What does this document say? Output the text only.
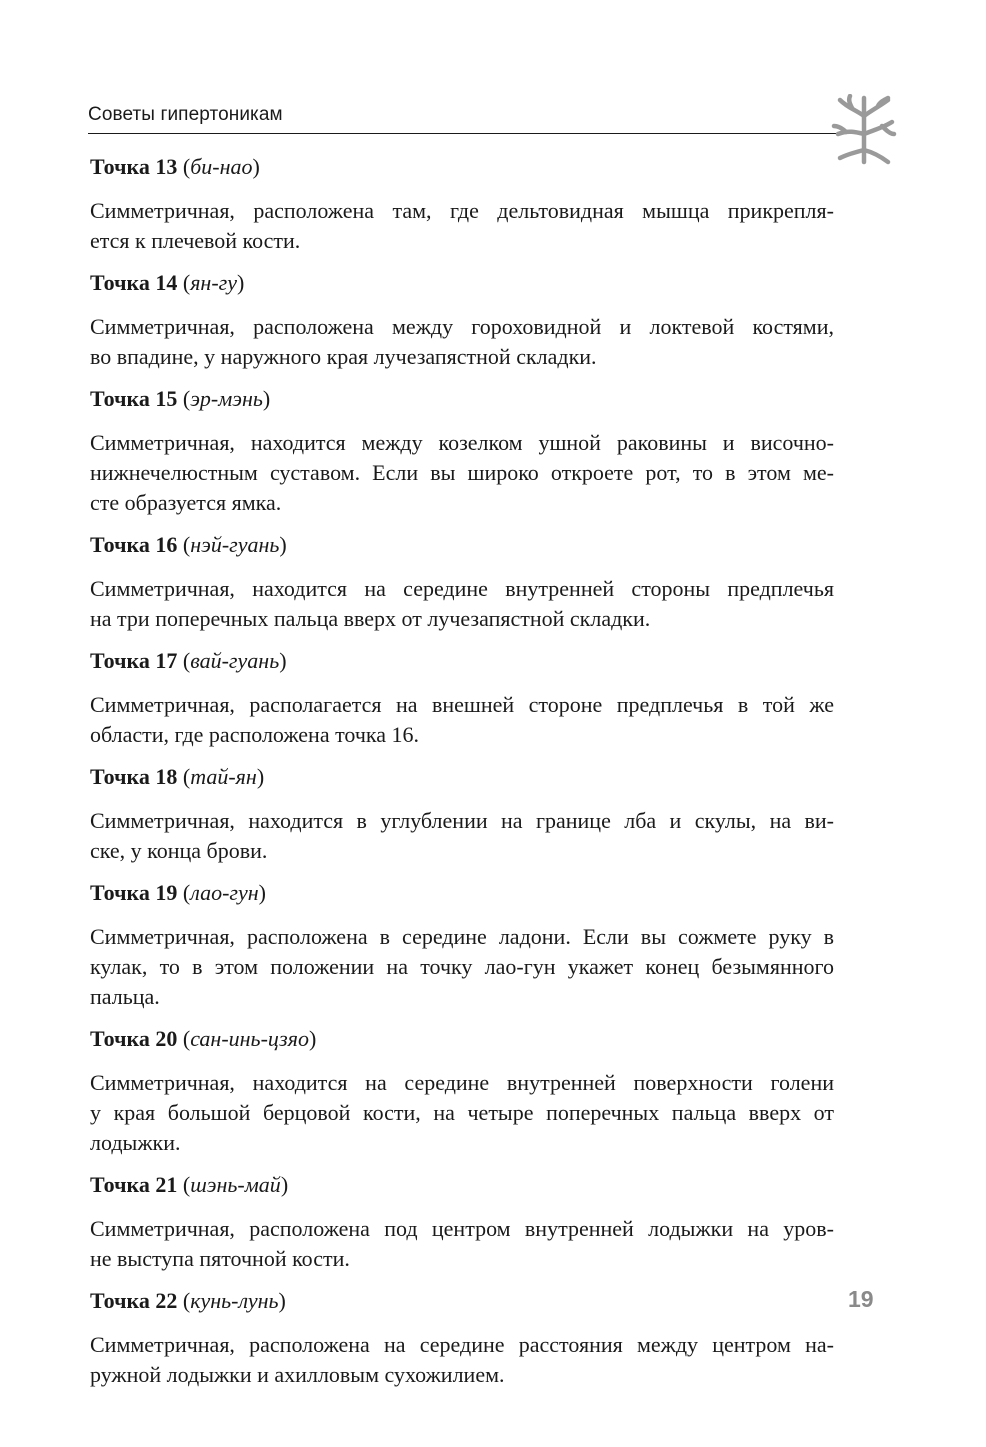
Советы гипертоникам
Точка 13 (би-нао)
Симметричная, расположена там, где дельтовидная мышца прикрепля-
ется к плечевой кости.
Точка 14 (ян-гу)
Симметричная, расположена между гороховидной и локтевой костями,
во впадине, у наружного края лучезапястной складки.
Точка 15 (эр-мэнь)
Симметричная, находится между козелком ушной раковины и височно-
нижнечелюстным суставом. Если вы широко откроете рот, то в этом ме-
сте образуется ямка.
Точка 16 (нэй-гуань)
Симметричная, находится на середине внутренней стороны предплечья
на три поперечных пальца вверх от лучезапястной складки.
Точка 17 (вай-гуань)
Симметричная, располагается на внешней стороне предплечья в той же
области, где расположена точка 16.
Точка 18 (тай-ян)
Симметричная, находится в углублении на границе лба и скулы, на ви-
ске, у конца брови.
Точка 19 (лао-гун)
Симметричная, расположена в середине ладони. Если вы сожмете руку в
кулак, то в этом положении на точку лао-гун укажет конец безымянного
пальца.
Точка 20 (сан-инь-цзяо)
Симметричная, находится на середине внутренней поверхности голени
у края большой берцовой кости, на четыре поперечных пальца вверх от
лодыжки.
Точка 21 (шэнь-май)
Симметричная, расположена под центром внутренней лодыжки на уров-
не выступа пяточной кости.
Точка 22 (кунь-лунь)
Симметричная, расположена на середине расстояния между центром на-
ружной лодыжки и ахилловым сухожилием.
19
